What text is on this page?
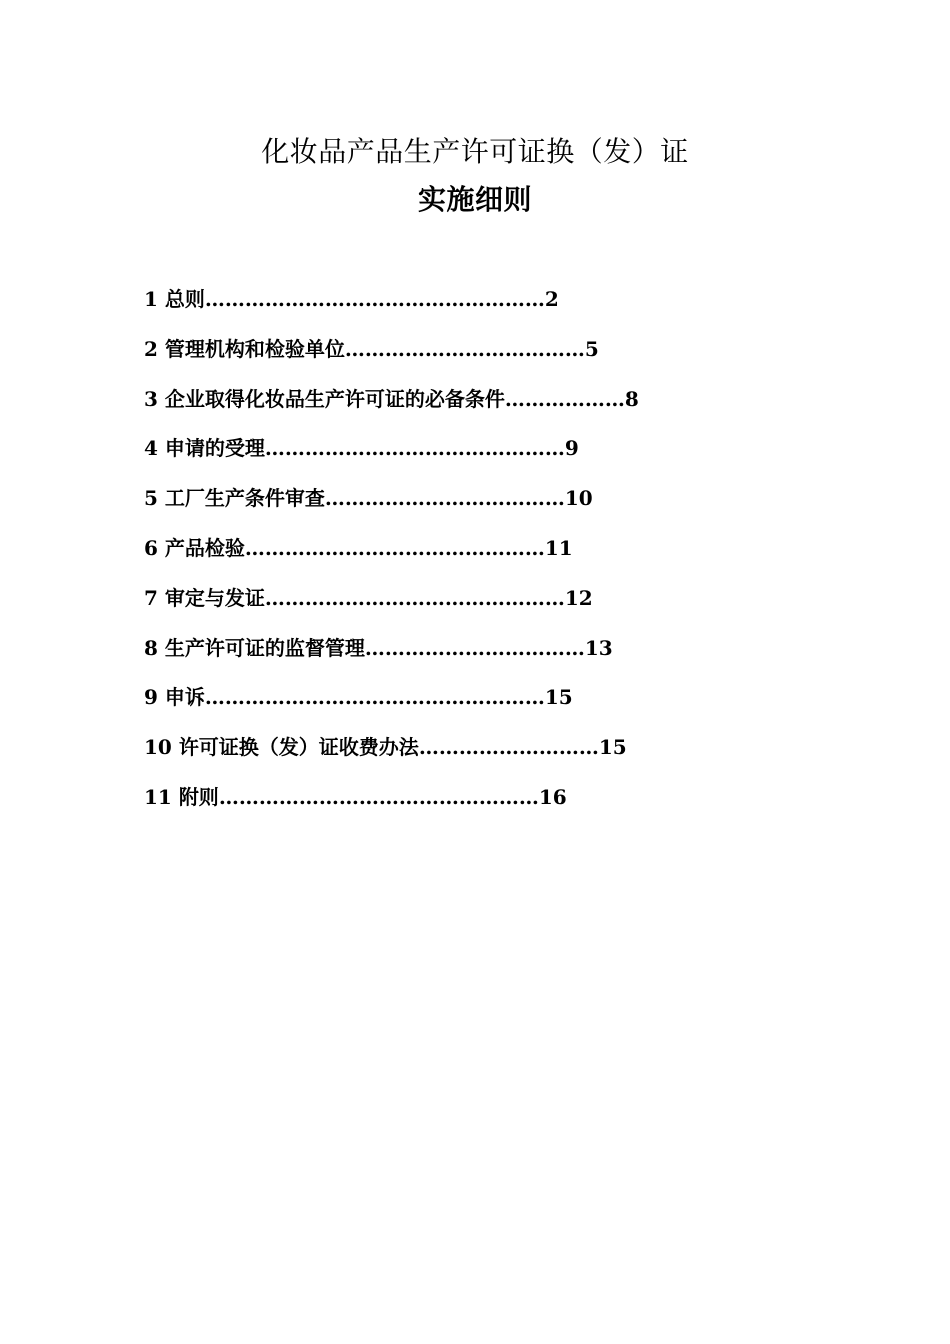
化妆品产品生产许可证换（发）证
实施细则
1 总则……………………………………………2
2 管理机构和检验单位………………………………5
3 企业取得化妆品生产许可证的必备条件………………8
4 申请的受理………………………………………9
5 工厂生产条件审查………………………………10
6 产品检验………………………………………11
7 审定与发证………………………………………12
8 生产许可证的监督管理……………………………13
9 申诉……………………………………………15
10 许可证换（发）证收费办法………………………15
11 附则…………………………………………16
